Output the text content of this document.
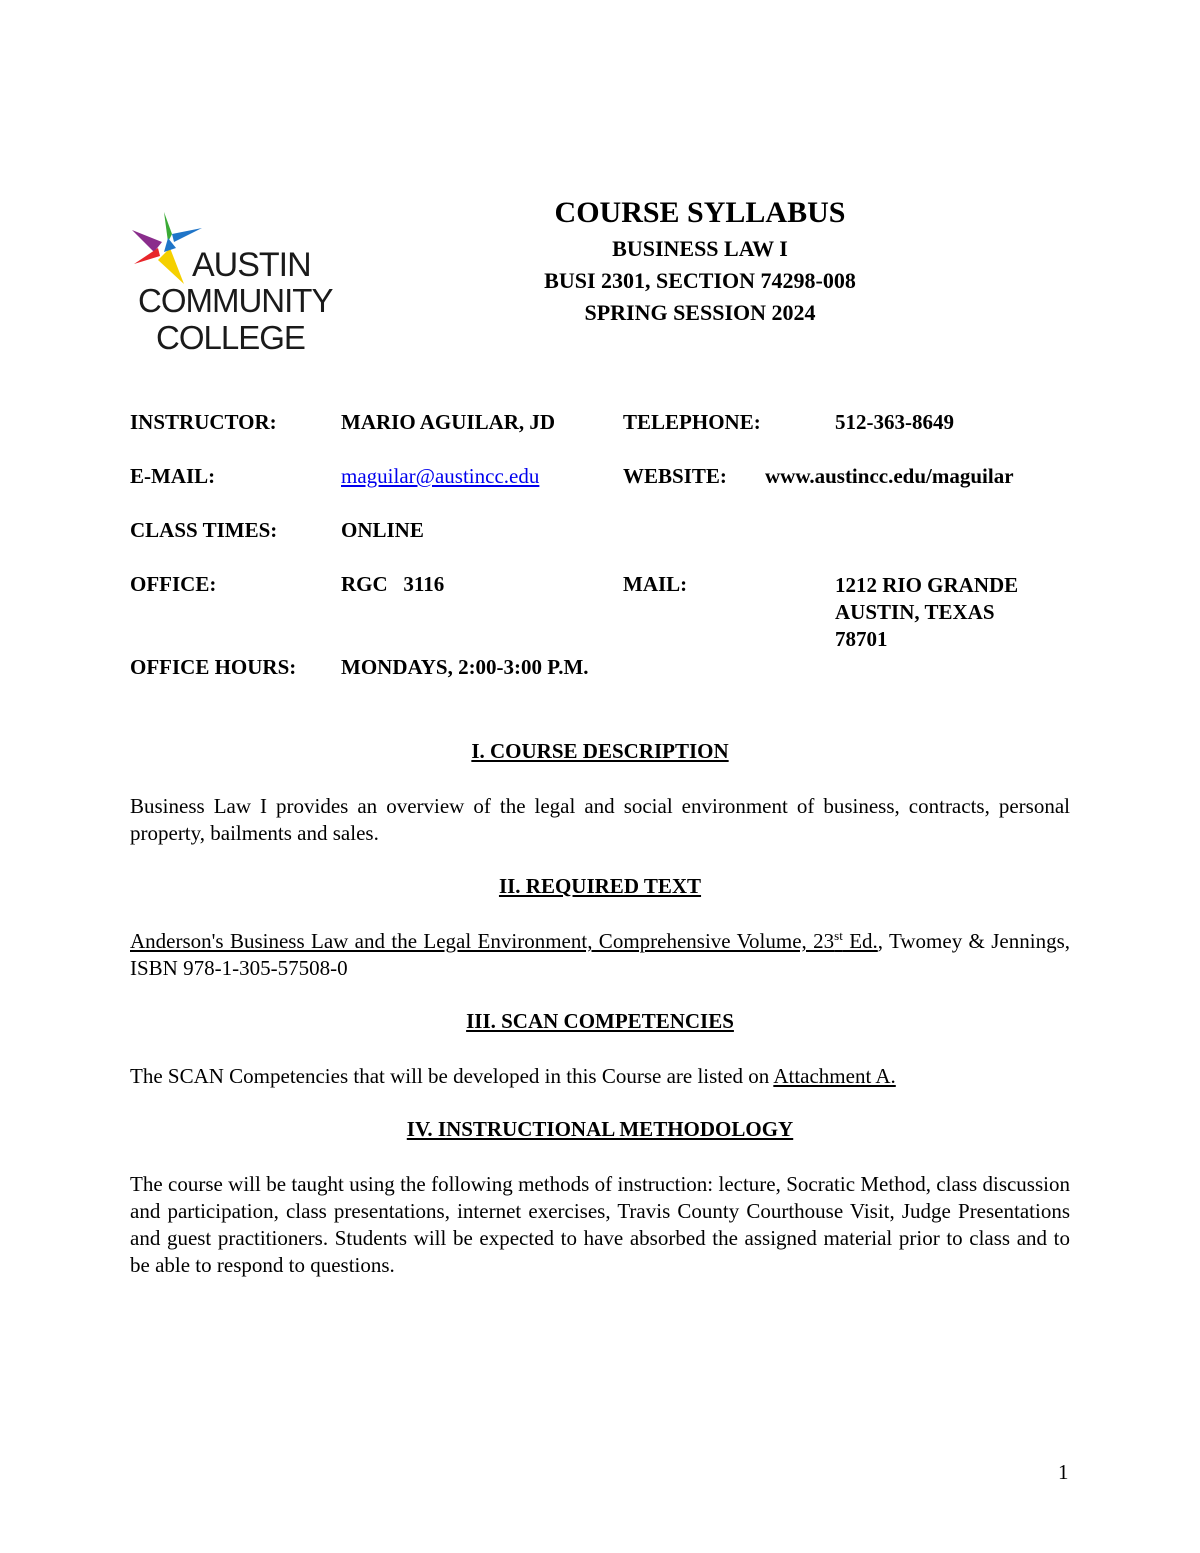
AUSTIN
COMMUNITY
COLLEGE
COURSE SYLLABUS
BUSINESS LAW I
BUSI 2301, SECTION 74298-008
SPRING SESSION 2024
INSTRUCTOR:	MARIO AGUILAR, JD	TELEPHONE:	512-363-8649
E-MAIL:	maguilar@austincc.edu	WEBSITE: www.austincc.edu/maguilar
CLASS TIMES:	ONLINE
OFFICE:	RGC   3116	MAIL:	1212 RIO GRANDE
AUSTIN, TEXAS
78701
OFFICE HOURS: MONDAYS, 2:00-3:00 P.M.
I. COURSE DESCRIPTION
Business Law I provides an overview of the legal and social environment of business, contracts, personal property, bailments and sales.
II. REQUIRED TEXT
Anderson's Business Law and the Legal Environment, Comprehensive Volume, 23st Ed., Twomey & Jennings, ISBN 978-1-305-57508-0
III. SCAN COMPETENCIES
The SCAN Competencies that will be developed in this Course are listed on Attachment A.
IV. INSTRUCTIONAL METHODOLOGY
The course will be taught using the following methods of instruction: lecture, Socratic Method, class discussion and participation, class presentations, internet exercises, Travis County Courthouse Visit, Judge Presentations and guest practitioners. Students will be expected to have absorbed the assigned material prior to class and to be able to respond to questions.
1
